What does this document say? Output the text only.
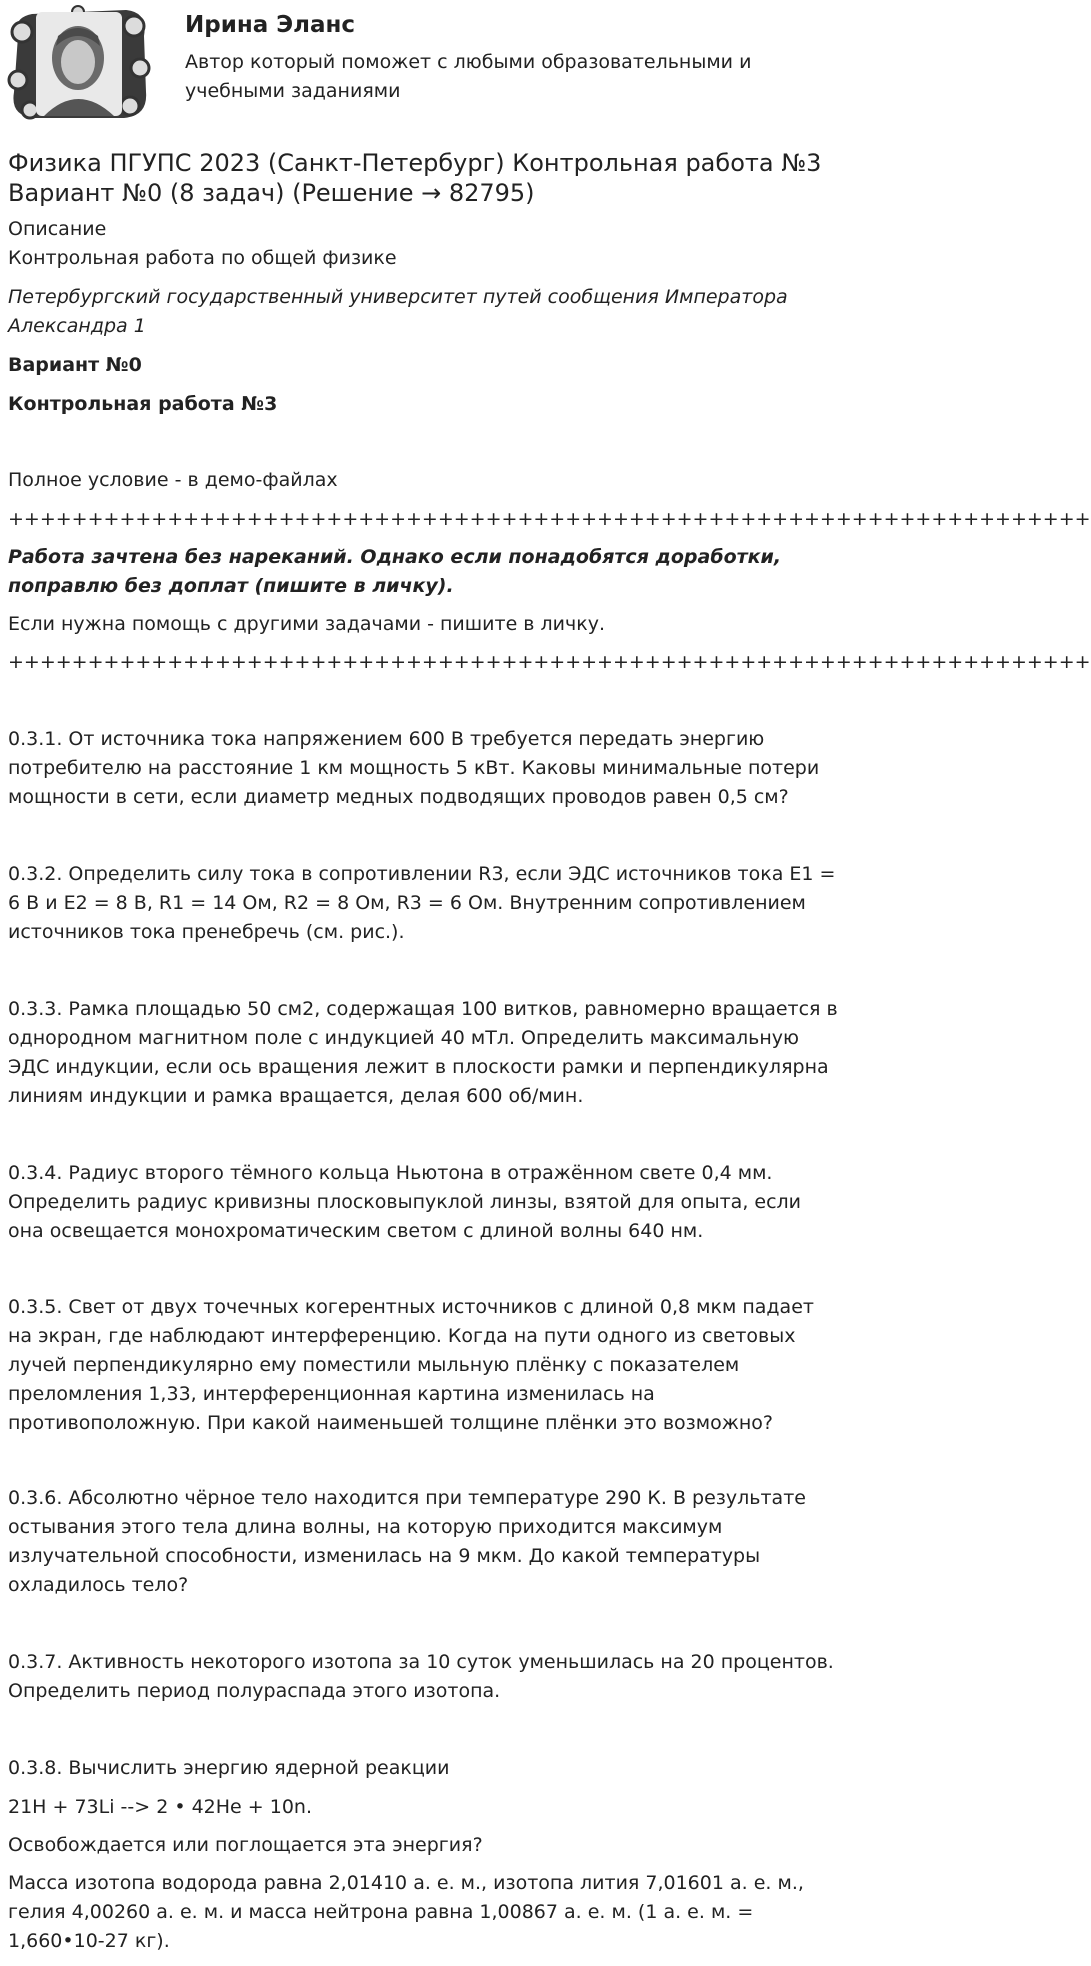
Ирина Эланс
Автор который поможет с любыми образовательными и учебными заданиями
Физика ПГУПС 2023 (Санкт-Петербург) Контрольная работа №3 Вариант №0 (8 задач) (Решение → 82795)
Описание
Контрольная работа по общей физике
Петербургский государственный университет путей сообщения Императора Александра 1
Вариант №0
Контрольная работа №3
Полное условие - в демо-файлах
++++++++++++++++++++++++++++++++++++++++++++++++++++++++++++++++++++
Работа зачтена без нареканий. Однако если понадобятся доработки, поправлю без доплат (пишите в личку).
Если нужна помощь с другими задачами - пишите в личку.
++++++++++++++++++++++++++++++++++++++++++++++++++++++++++++++++++++
0.3.1. От источника тока напряжением 600 В требуется передать энергию потребителю на расстояние 1 км мощность 5 кВт. Каковы минимальные потери мощности в сети, если диаметр медных подводящих проводов равен 0,5 см?
0.3.2. Определить силу тока в сопротивлении R3, если ЭДС источников тока E1 = 6 В и E2 = 8 В, R1 = 14 Ом, R2 = 8 Ом, R3 = 6 Ом. Внутренним сопротивлением источников тока пренебречь (см. рис.).
0.3.3. Рамка площадью 50 см2, содержащая 100 витков, равномерно вращается в однородном магнитном поле с индукцией 40 мТл. Определить максимальную ЭДС индукции, если ось вращения лежит в плоскости рамки и перпендикулярна линиям индукции и рамка вращается, делая 600 об/мин.
0.3.4. Радиус второго тёмного кольца Ньютона в отражённом свете 0,4 мм. Определить радиус кривизны плосковыпуклой линзы, взятой для опыта, если она освещается монохроматическим светом с длиной волны 640 нм.
0.3.5. Свет от двух точечных когерентных источников с длиной 0,8 мкм падает на экран, где наблюдают интерференцию. Когда на пути одного из световых лучей перпендикулярно ему поместили мыльную плёнку с показателем преломления 1,33, интерференционная картина изменилась на противоположную. При какой наименьшей толщине плёнки это возможно?
0.3.6. Абсолютно чёрное тело находится при температуре 290 К. В результате остывания этого тела длина волны, на которую приходится максимум излучательной способности, изменилась на 9 мкм. До какой температуры охладилось тело?
0.3.7. Активность некоторого изотопа за 10 суток уменьшилась на 20 процентов. Определить период полураспада этого изотопа.
0.3.8. Вычислить энергию ядерной реакции
21H + 73Li --> 2 • 42He + 10n.
Освобождается или поглощается эта энергия?
Масса изотопа водорода равна 2,01410 а. е. м., изотопа лития 7,01601 а. е. м., гелия 4,00260 а. е. м. и масса нейтрона равна 1,00867 а. е. м. (1 а. е. м. = 1,660•10-27 кг).
